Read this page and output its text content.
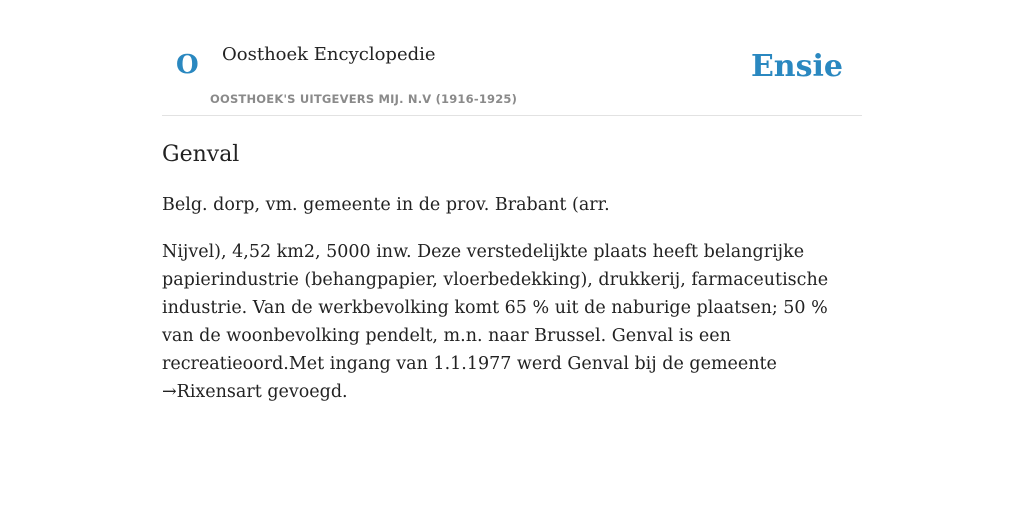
O Oosthoek Encyclopedie
OOSTHOEK'S UITGEVERS MIJ. N.V (1916-1925)
Ensie
Genval

Belg. dorp, vm. gemeente in de prov. Brabant (arr.

Nijvel), 4,52 km2, 5000 inw. Deze verstedelijkte plaats heeft belangrijke papierindustrie (behangpapier, vloerbedekking), drukkerij, farmaceutische industrie. Van de werkbevolking komt 65 % uit de naburige plaatsen; 50 % van de woonbevolking pendelt, m.n. naar Brussel. Genval is een recreatieoord.Met ingang van 1.1.1977 werd Genval bij de gemeente →Rixensart gevoegd.
